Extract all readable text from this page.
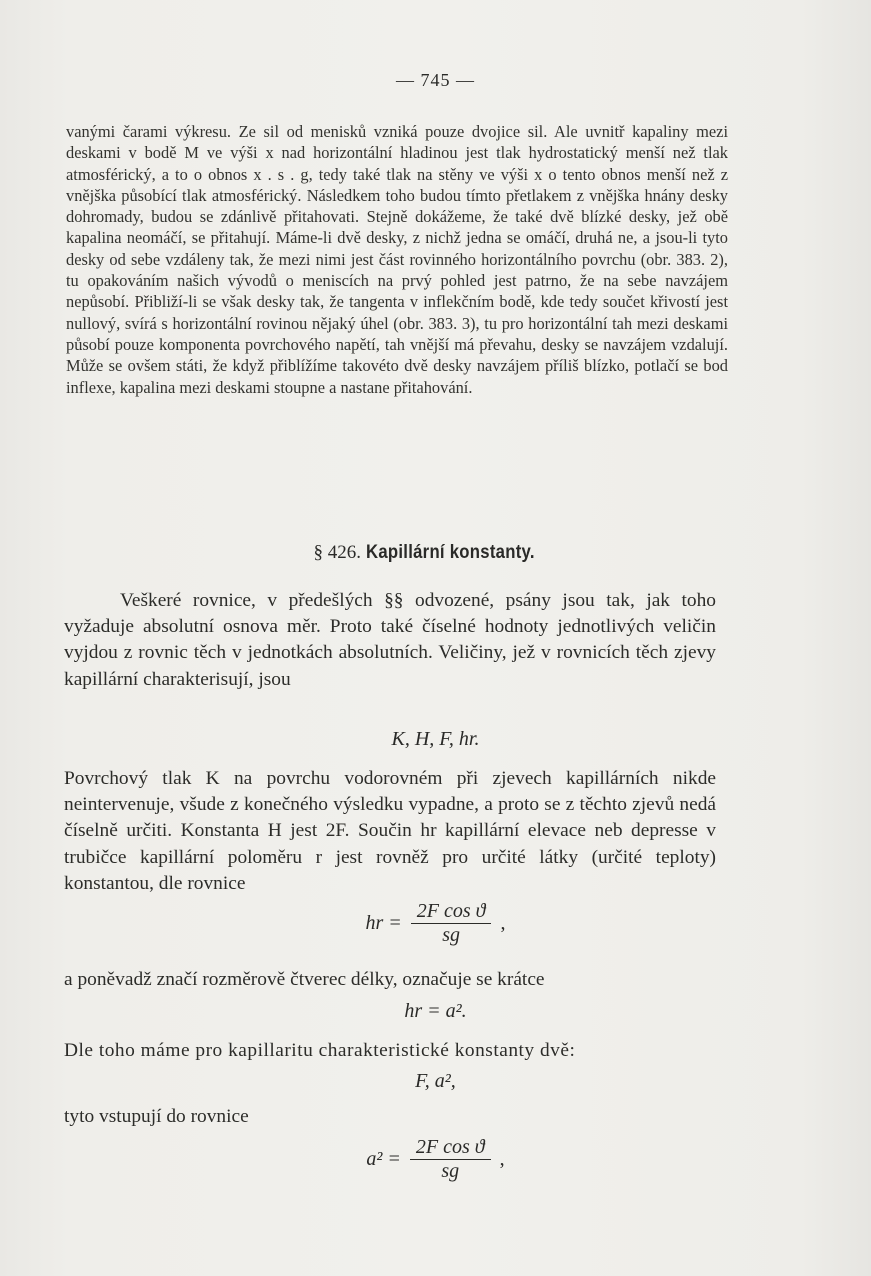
— 745 —

vanými čarami výkresu. Ze sil od menisků vzniká pouze dvojice sil. Ale uvnitř kapaliny mezi deskami v bodě M ve výši x nad horizontální hladinou jest tlak hydrostatický menší než tlak atmosférický, a to o obnos x . s . g, tedy také tlak na stěny ve výši x o tento obnos menší než z vnějška působící tlak atmosférický. Následkem toho budou tímto přetlakem z vnějška hnány desky dohromady, budou se zdánlivě přitahovati. Stejně dokážeme, že také dvě blízké desky, jež obě kapalina neomáčí, se přitahují. Máme-li dvě desky, z nichž jedna se omáčí, druhá ne, a jsou-li tyto desky od sebe vzdáleny tak, že mezi nimi jest část rovinného horizontálního povrchu (obr. 383. 2), tu opakováním našich vývodů o meniscích na prvý pohled jest patrno, že na sebe navzájem nepůsobí. Přibliží-li se však desky tak, že tangenta v inflekčním bodě, kde tedy součet křivostí jest nullový, svírá s horizontální rovinou nějaký úhel (obr. 383. 3), tu pro horizontální tah mezi deskami působí pouze komponenta povrchového napětí, tah vnější má převahu, desky se navzájem vzdalují. Může se ovšem státi, že když přiblížíme takovéto dvě desky navzájem příliš blízko, potlačí se bod inflexe, kapalina mezi deskami stoupne a nastane přitahování.

§ 426. Kapillární konstanty.

Veškeré rovnice, v předešlých §§ odvozené, psány jsou tak, jak toho vyžaduje absolutní osnova měr. Proto také číselné hodnoty jednotlivých veličin vyjdou z rovnic těch v jednotkách absolutních. Veličiny, jež v rovnicích těch zjevy kapillární charakterisují, jsou

K, H, F, hr.

Povrchový tlak K na povrchu vodorovném při zjevech kapillárních nikde neintervenuje, všude z konečného výsledku vypadne, a proto se z těchto zjevů nedá číselně určiti. Konstanta H jest 2F. Součin hr kapillární elevace neb depresse v trubičce kapillární poloměru r jest rovněž pro určité látky (určité teploty) konstantou, dle rovnice

hr = $\frac{\text{2F cos ϑ}}{sg}$ ,
a poněvadž značí rozměrově čtverec délky, označuje se krátce
hr = a².
Dle toho máme pro kapillaritu charakteristické konstanty dvě:
F, a²,
tyto vstupují do rovnice
$a^2 = \frac{\text{2F cos ϑ}}{sg}$ ,
